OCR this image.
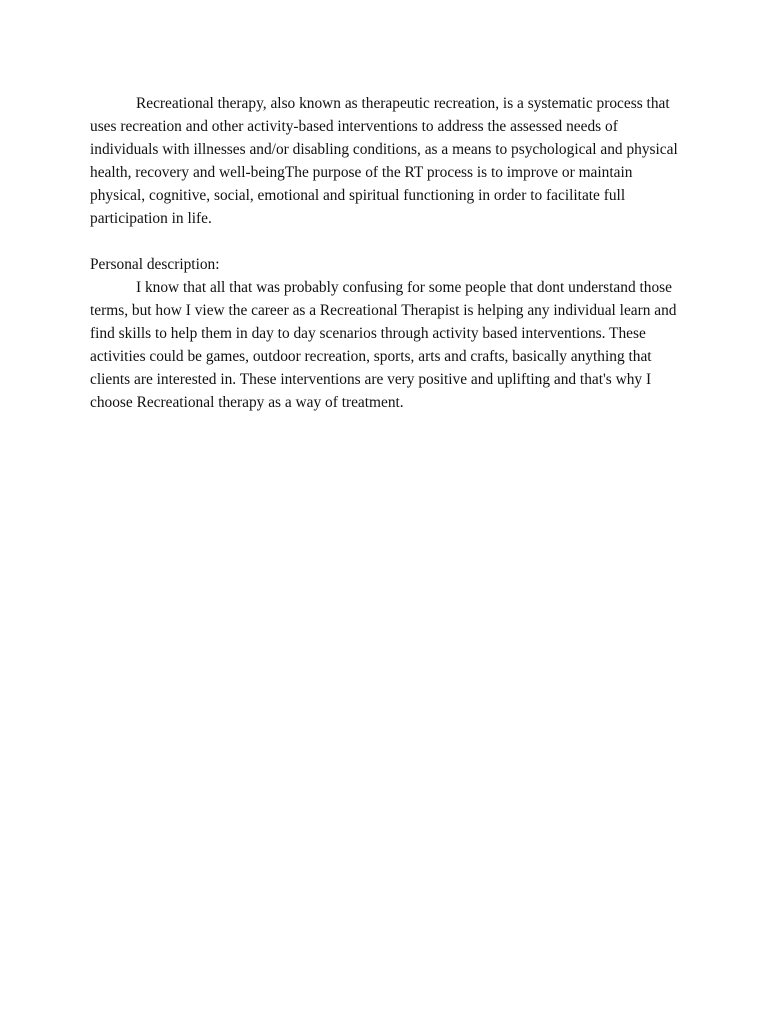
Recreational therapy, also known as therapeutic recreation, is a systematic process that uses recreation and other activity-based interventions to address the assessed needs of individuals with illnesses and/or disabling conditions, as a means to psychological and physical health, recovery and well-beingThe purpose of the RT process is to improve or maintain physical, cognitive, social, emotional and spiritual functioning in order to facilitate full participation in life.

Personal description:

I know that all that was probably confusing for some people that dont understand those terms, but how I view the career as a Recreational Therapist is helping any individual learn and find skills to help them in day to day scenarios through activity based interventions. These activities could be games, outdoor recreation, sports, arts and crafts, basically anything that clients are interested in. These interventions are very positive and uplifting and that's why I choose Recreational therapy as a way of treatment.
